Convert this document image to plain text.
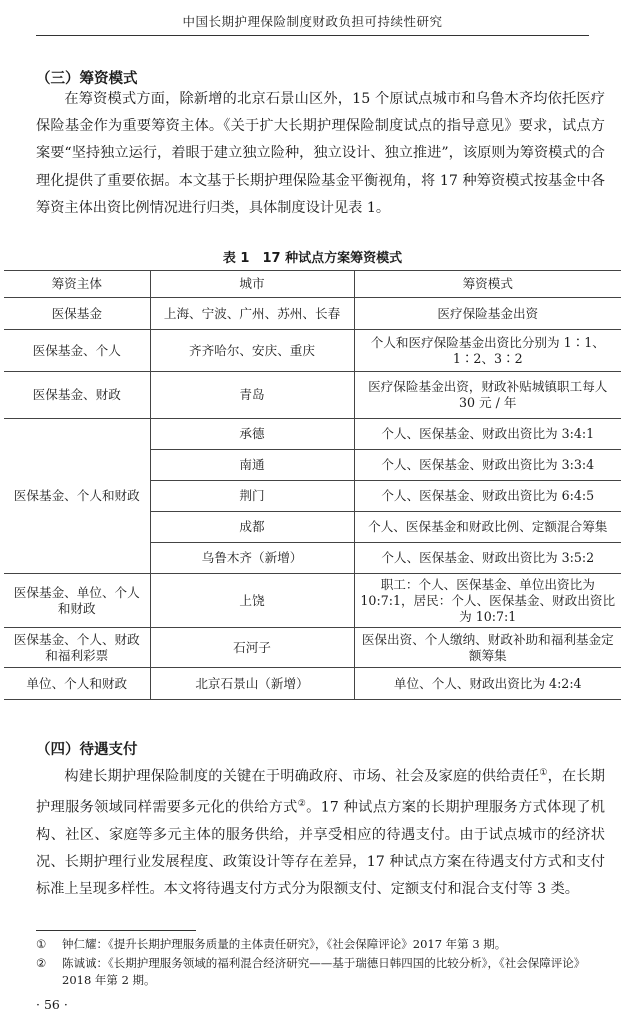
中国长期护理保险制度财政负担可持续性研究
（三）筹资模式

在筹资模式方面，除新增的北京石景山区外，15 个原试点城市和乌鲁木齐均依托医疗保险基金作为重要筹资主体。《关于扩大长期护理保险制度试点的指导意见》要求，试点方案要“坚持独立运行，着眼于建立独立险种，独立设计、独立推进”，该原则为筹资模式的合理化提供了重要依据。本文基于长期护理保险基金平衡视角，将 17 种筹资模式按基金中各筹资主体出资比例情况进行归类，具体制度设计见表 1。

表 1　17 种试点方案筹资模式
筹资主体	城市	筹资模式
医保基金	上海、宁波、广州、苏州、长春	医疗保险基金出资
医保基金、个人	齐齐哈尔、安庆、重庆	个人和医疗保险基金出资比分别为 1∶1、1∶2、3∶2
医保基金、财政	青岛	医疗保险基金出资，财政补贴城镇职工每人 30 元 / 年
医保基金、个人和财政	承德	个人、医保基金、财政出资比为 3:4:1
	南通	个人、医保基金、财政出资比为 3:3:4
	荆门	个人、医保基金、财政出资比为 6:4:5
	成都	个人、医保基金和财政比例、定额混合筹集
	乌鲁木齐（新增）	个人、医保基金、财政出资比为 3:5:2
医保基金、单位、个人和财政	上饶	职工：个人、医保基金、单位出资比为 10:7:1，居民：个人、医保基金、财政出资比为 10:7:1
医保基金、个人、财政和福利彩票	石河子	医保出资、个人缴纳、财政补助和福利基金定额筹集
单位、个人和财政	北京石景山（新增）	单位、个人、财政出资比为 4:2:4
（四）待遇支付

构建长期护理保险制度的关键在于明确政府、市场、社会及家庭的供给责任①，在长期护理服务领域同样需要多元化的供给方式②。17 种试点方案的长期护理服务方式体现了机构、社区、家庭等多元主体的服务供给，并享受相应的待遇支付。由于试点城市的经济状况、长期护理行业发展程度、政策设计等存在差异，17 种试点方案在待遇支付方式和支付标准上呈现多样性。本文将待遇支付方式分为限额支付、定额支付和混合支付等 3 类。

① 钟仁耀：《提升长期护理服务质量的主体责任研究》，《社会保障评论》2017 年第 3 期。
② 陈诚诚：《长期护理服务领域的福利混合经济研究——基于瑞德日韩四国的比较分析》，《社会保障评论》2018 年第 2 期。
· 56 ·
